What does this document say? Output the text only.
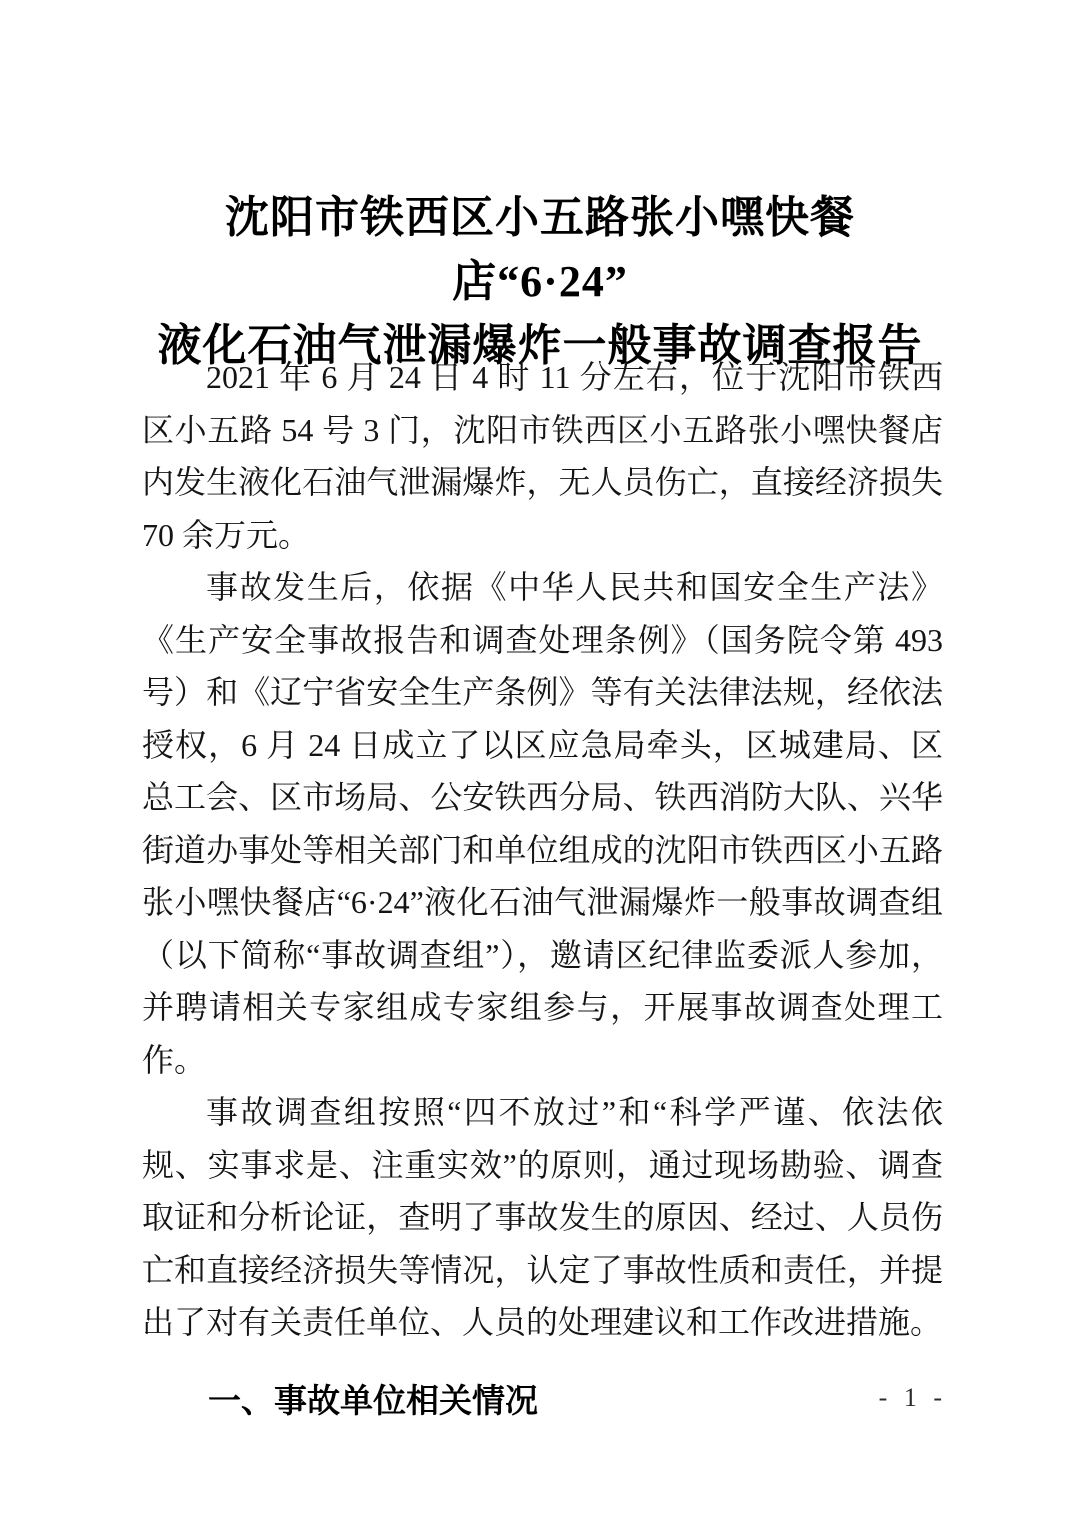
沈阳市铁西区小五路张小嘿快餐店“6·24”
液化石油气泄漏爆炸一般事故调查报告

2021 年 6 月 24 日 4 时 11 分左右，位于沈阳市铁西区小五路 54 号 3 门，沈阳市铁西区小五路张小嘿快餐店内发生液化石油气泄漏爆炸，无人员伤亡，直接经济损失 70 余万元。

事故发生后，依据《中华人民共和国安全生产法》《生产安全事故报告和调查处理条例》（国务院令第 493 号）和《辽宁省安全生产条例》等有关法律法规，经依法授权，6 月 24 日成立了以区应急局牵头，区城建局、区总工会、区市场局、公安铁西分局、铁西消防大队、兴华街道办事处等相关部门和单位组成的沈阳市铁西区小五路张小嘿快餐店“6·24”液化石油气泄漏爆炸一般事故调查组（以下简称“事故调查组”），邀请区纪律监委派人参加，并聘请相关专家组成专家组参与，开展事故调查处理工作。

事故调查组按照“四不放过”和“科学严谨、依法依规、实事求是、注重实效”的原则，通过现场勘验、调查取证和分析论证，查明了事故发生的原因、经过、人员伤亡和直接经济损失等情况，认定了事故性质和责任，并提出了对有关责任单位、人员的处理建议和工作改进措施。

一、事故单位相关情况	- 1 -
